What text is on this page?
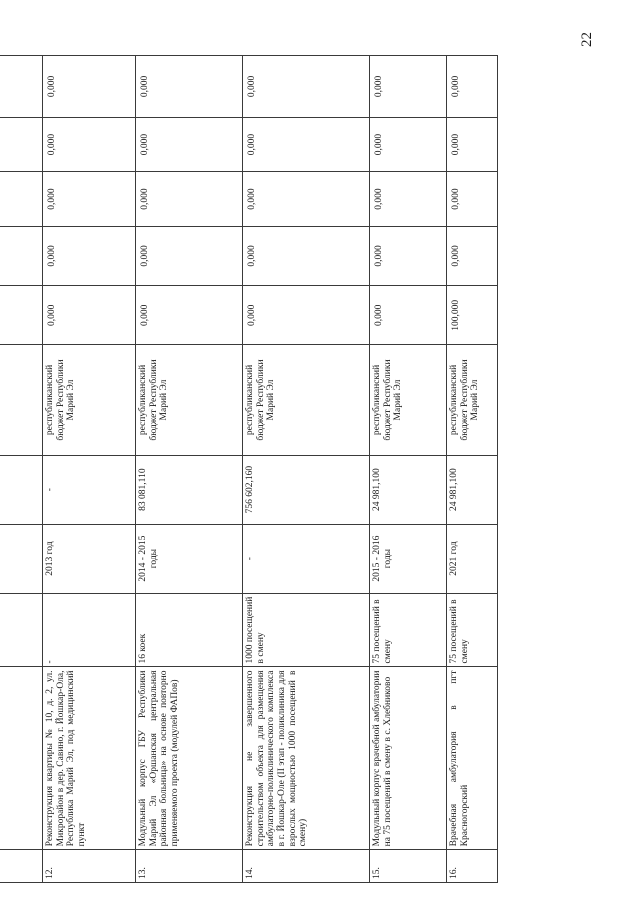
22

12.	Реконструкция квартиры № 10, д. 2, ул. Микрорайон в дер. Савино, г. Йошкар-Ола, Республика Марий Эл, под медицинский пункт	-	2013 год	-	республиканский бюджет Республики Марий Эл	0,000	0,000	0,000	0,000	0,000
13.	Модульный корпус ГБУ Республики Марий Эл «Оршанская центральная районная больница» на основе повторно применяемого проекта (модулей ФАПов)	16 коек	2014 - 2015 годы	83 081,110	республиканский бюджет Республики Марий Эл	0,000	0,000	0,000	0,000	0,000
14.	Реконструкция не завершенного строительством объекта для размещения амбулаторно-поликлинического комплекса в г. Йошкар-Оле (II этап - поликлиника для взрослых мощностью 1000 посещений в смену)	1000 посещений в смену	-	756 602,160	республиканский бюджет Республики Марий Эл	0,000	0,000	0,000	0,000	0,000
15.	Модульный корпус врачебной амбулатории на 75 посещений в смену в с. Хлебниково	75 посещений в смену	2015 - 2016 годы	24 981,100	республиканский бюджет Республики Марий Эл	0,000	0,000	0,000	0,000	0,000
16.	Врачебная амбулатория в пгт Красногорский	75 посещений в смену	2021 год	24 981,100	республиканский бюджет Республики Марий Эл	100,000	0,000	0,000	0,000	0,000
